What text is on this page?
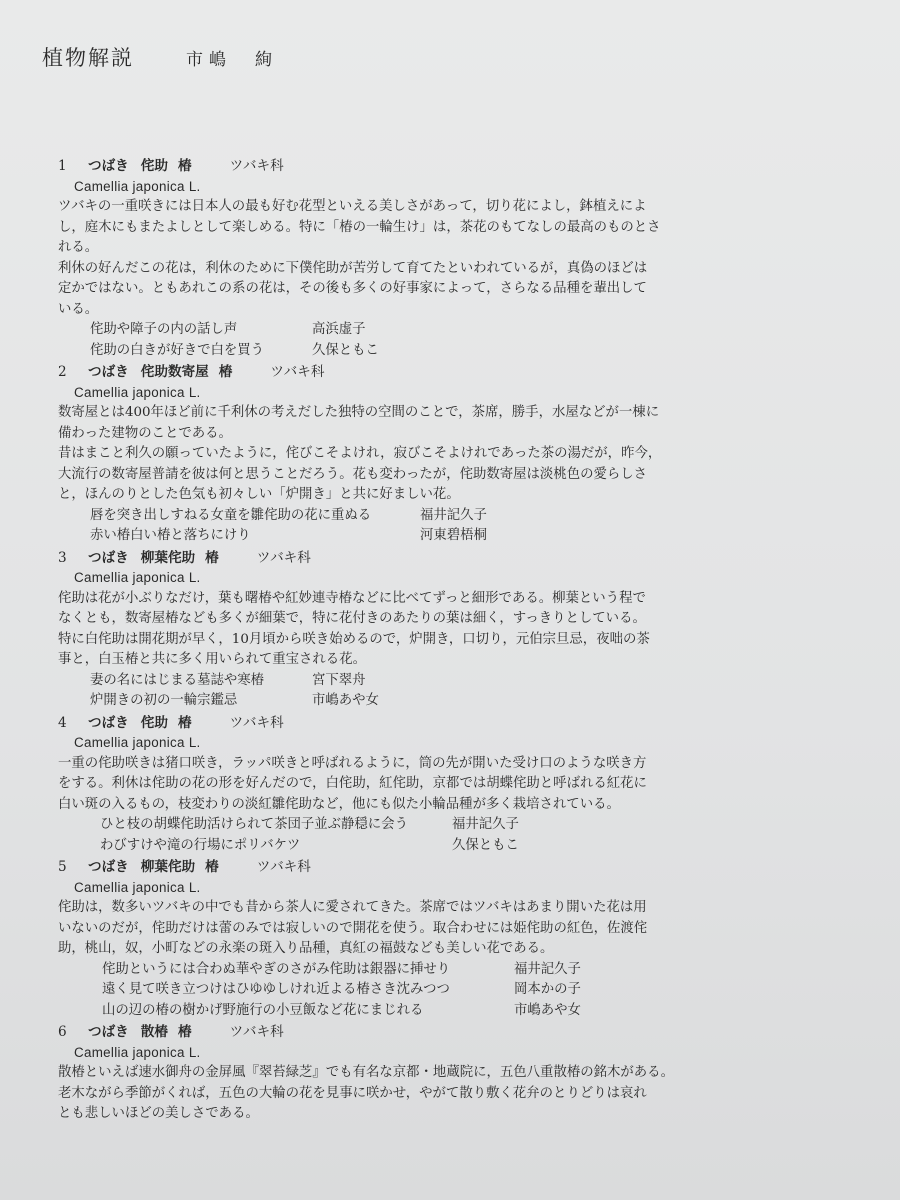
植物解説	市嶋　絢
1	つばき 侘助 椿	ツバキ科
Camellia japonica L.
ツバキの一重咲きには日本人の最も好む花型といえる美しさがあって，切り花によし，鉢植えによ
し，庭木にもまたよしとして楽しめる。特に「椿の一輪生け」は，茶花のもてなしの最高のものとさ
れる。
利休の好んだこの花は，利休のために下僕侘助が苦労して育てたといわれているが，真偽のほどは
定かではない。ともあれこの系の花は，その後も多くの好事家によって，さらなる品種を輩出して
いる。
侘助や障子の内の話し声	高浜虚子
侘助の白きが好きで白を買う	久保ともこ
2	つばき 侘助数寄屋 椿	ツバキ科
Camellia japonica L.
数寄屋とは400年ほど前に千利休の考えだした独特の空間のことで，茶席，勝手，水屋などが一棟に
備わった建物のことである。
昔はまこと利久の願っていたように，侘びこそよけれ，寂びこそよけれであった茶の湯だが，昨今，
大流行の数寄屋普請を彼は何と思うことだろう。花も変わったが，侘助数寄屋は淡桃色の愛らしさ
と，ほんのりとした色気も初々しい「炉開き」と共に好ましい花。
唇を突き出しすねる女童を雛侘助の花に重ぬる	福井記久子
赤い椿白い椿と落ちにけり	河東碧梧桐
3	つばき 柳葉侘助 椿	ツバキ科
Camellia japonica L.
侘助は花が小ぶりなだけ，葉も曙椿や紅妙連寺椿などに比べてずっと細形である。柳葉という程で
なくとも，数寄屋椿なども多くが細葉で，特に花付きのあたりの葉は細く，すっきりとしている。
特に白侘助は開花期が早く，10月頃から咲き始めるので，炉開き，口切り，元伯宗旦忌，夜咄の茶
事と，白玉椿と共に多く用いられて重宝される花。
妻の名にはじまる墓誌や寒椿	宮下翠舟
炉開きの初の一輪宗鑑忌	市嶋あや女
4	つばき 侘助 椿	ツバキ科
Camellia japonica L.
一重の侘助咲きは猪口咲き，ラッパ咲きと呼ばれるように，筒の先が開いた受け口のような咲き方
をする。利休は侘助の花の形を好んだので，白侘助，紅侘助，京都では胡蝶侘助と呼ばれる紅花に
白い斑の入るもの，枝変わりの淡紅雛侘助など，他にも似た小輪品種が多く栽培されている。
ひと枝の胡蝶侘助活けられて茶団子並ぶ静穏に会う	福井記久子
わびすけや滝の行場にポリバケツ	久保ともこ
5	つばき 柳葉侘助 椿	ツバキ科
Camellia japonica L.
侘助は，数多いツバキの中でも昔から茶人に愛されてきた。茶席ではツバキはあまり開いた花は用
いないのだが，侘助だけは蕾のみでは寂しいので開花を使う。取合わせには姫侘助の紅色，佐渡侘
助，桃山，奴，小町などの永楽の斑入り品種，真紅の福鼓なども美しい花である。
侘助というには合わぬ華やぎのさがみ侘助は銀器に挿せり	福井記久子
遠く見て咲き立つけはひゆゆしけれ近よる椿さき沈みつつ	岡本かの子
山の辺の椿の樹かげ野施行の小豆飯など花にまじれる	市嶋あや女
6	つばき 散椿 椿	ツバキ科
Camellia japonica L.
散椿といえば速水御舟の金屏風『翠苔緑芝』でも有名な京都・地蔵院に，五色八重散椿の銘木がある。
老木ながら季節がくれば，五色の大輪の花を見事に咲かせ，やがて散り敷く花弁のとりどりは哀れ
とも悲しいほどの美しさである。
